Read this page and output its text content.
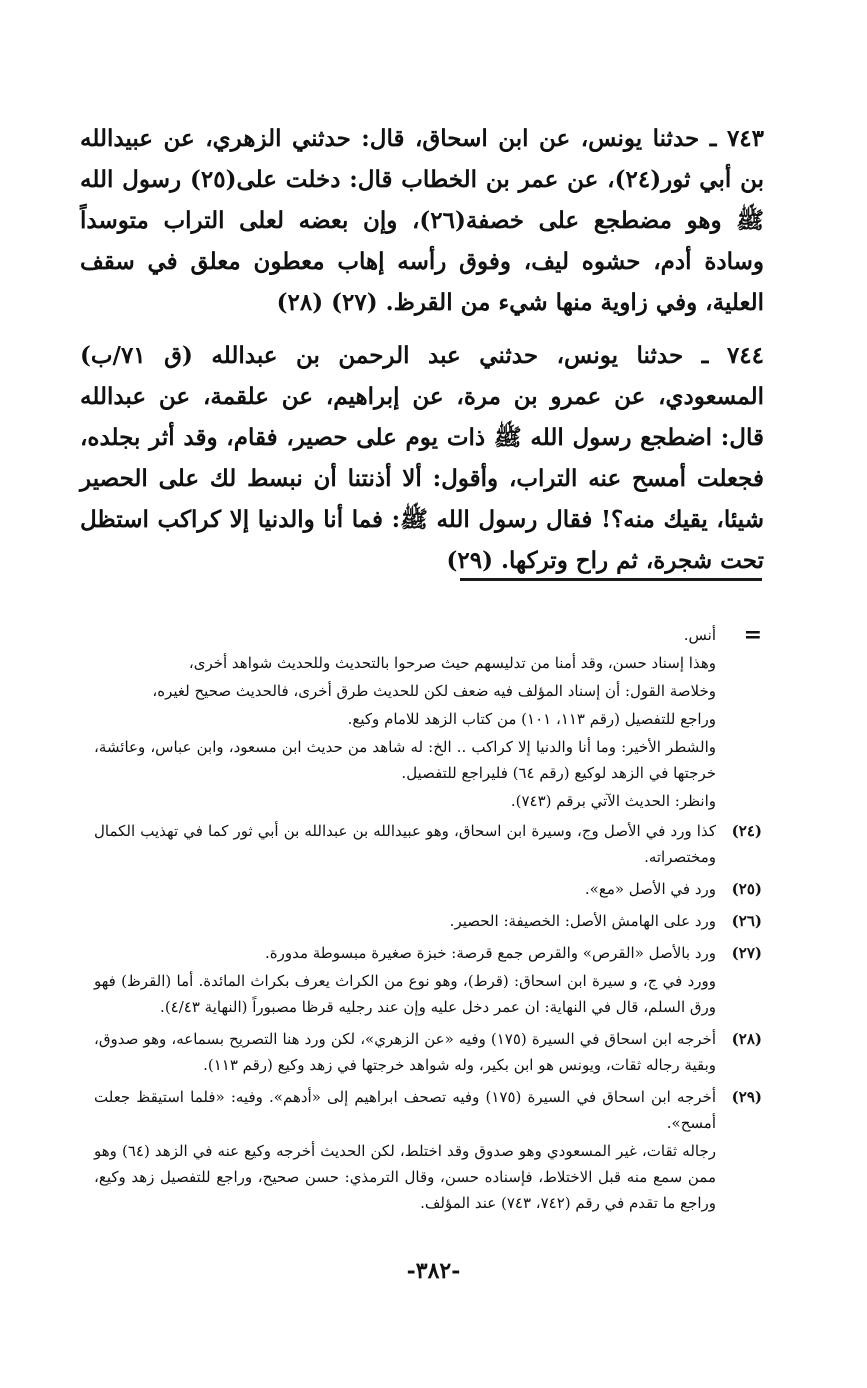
٧٤٣ ـ حدثنا يونس، عن ابن اسحاق، قال: حدثني الزهري، عن عبيدالله بن أبي ثور(٢٤)، عن عمر بن الخطاب قال: دخلت على(٢٥) رسول الله ﷺ وهو مضطجع على خصفة(٢٦)، وإن بعضه لعلى التراب متوسداً وسادة أدم، حشوه ليف، وفوق رأسه إهاب معطون معلق في سقف العلية، وفي زاوية منها شيء من القرظ. (٢٧) (٢٨)

٧٤٤ ـ حدثنا يونس، حدثني عبد الرحمن بن عبدالله (ق ٧١/ب) المسعودي، عن عمرو بن مرة، عن إبراهيم، عن علقمة، عن عبدالله قال: اضطجع رسول الله ﷺ ذات يوم على حصير، فقام، وقد أثر بجلده، فجعلت أمسح عنه التراب، وأقول: ألا أذنتنا أن نبسط لك على الحصير شيئا، يقيك منه؟! فقال رسول الله ﷺ: فما أنا والدنيا إلا كراكب استظل تحت شجرة، ثم راح وتركها. (٢٩)

=

أنس.

وهذا إسناد حسن، وقد أمنا من تدليسهم حيث صرحوا بالتحديث وللحديث شواهد أخرى،

وخلاصة القول: أن إسناد المؤلف فيه ضعف لكن للحديث طرق أخرى، فالحديث صحيح لغيره،

وراجع للتفصيل (رقم ١١٣، ١٠١) من كتاب الزهد للامام وكيع.

والشطر الأخير: وما أنا والدنيا إلا كراكب .. الخ: له شاهد من حديث ابن مسعود، وابن عباس، وعائشة، خرجتها في الزهد لوكيع (رقم ٦٤) فليراجع للتفصيل.

وانظر: الحديث الآتي برقم (٧٤٣).

(٢٤)

كذا ورد في الأصل وج، وسيرة ابن اسحاق، وهو عبيدالله بن عبدالله بن أبي ثور كما في تهذيب الكمال ومختصراته.

(٢٥)

ورد في الأصل «مع».

(٢٦)

ورد على الهامش الأصل: الخصيفة: الحصير.

(٢٧)

ورد بالأصل «القرص» والقرص جمع قرصة: خبزة صغيرة مبسوطة مدورة.

وورد في ج، و سيرة ابن اسحاق: (قرط)، وهو نوع من الكراث يعرف بكراث المائدة. أما (القرظ) فهو ورق السلم، قال في النهاية: ان عمر دخل عليه وإن عند رجليه قرظا مصبوراً (النهاية ٤/٤٣).

(٢٨)

أخرجه ابن اسحاق في السيرة (١٧٥) وفيه «عن الزهري»، لكن ورد هنا التصريح بسماعه، وهو صدوق، وبقية رجاله ثقات، ويونس هو ابن بكير، وله شواهد خرجتها في زهد وكيع (رقم ١١٣).

(٢٩)

أخرجه ابن اسحاق في السيرة (١٧٥) وفيه تصحف ابراهيم إلى «أدهم». وفيه: «فلما استيقظ جعلت أمسح».

رجاله ثقات، غير المسعودي وهو صدوق وقد اختلط، لكن الحديث أخرجه وكيع عنه في الزهد (٦٤) وهو ممن سمع منه قبل الاختلاط، فإسناده حسن، وقال الترمذي: حسن صحيح، وراجع للتفصيل زهد وكيع، وراجع ما تقدم في رقم (٧٤٢، ٧٤٣) عند المؤلف.

-٣٨٢-
